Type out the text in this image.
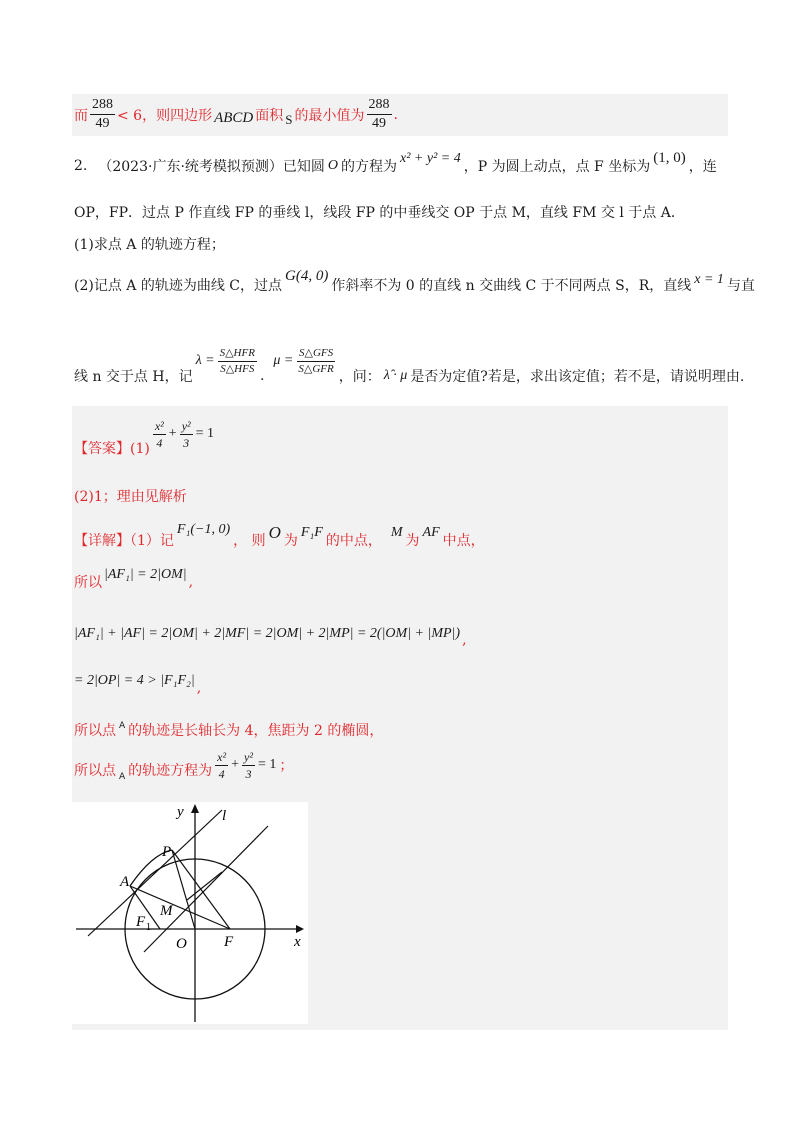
而 $\frac{288}{49} < 6$，则四边形 ABCD 面积 S 的最小值为 $\frac{288}{49}$ .
2. （2023·广东·统考模拟预测）已知圆 O 的方程为
x² + y² = 4
，P 为圆上动点，点 F 坐标为
(1, 0)
，连
OP，FP．过点 P 作直线 FP 的垂线 l，线段 FP 的中垂线交 OP 于点 M，直线 FM 交 l 于点 A．
(1)求点 A 的轨迹方程；
(2)记点 A 的轨迹为曲线 C，过点
G(4, 0)
作斜率不为 0 的直线 n 交曲线 C 于不同两点 S，R，直线 x = 1 与直
线 n 交于点 H，记
$\lambda = \frac{\text{S△HFR}}{\text{S△HFS}}$
.
$\mu = \frac{\text{S△GFS}}{\text{S△GFR}}$
，问： λ̂ · μ 是否为定值?若是，求出该定值；若不是，请说明理由.
【答案】(1)
$\frac{\text{x²}}{4} + \frac{\text{y²}}{3} = 1$
(2)1；理由见解析
【详解】（1）记
F₁(−1, 0)
， 则 O 为
F₁F
的中点，
M
为
AF
中点，
所以
|AF₁| = 2|OM| ,
|AF₁| + |AF| = 2|OM| + 2|MF| = 2|OM| + 2|MP| = 2(|OM| + |MP|) ,
= 2|OP| = 4 > |F₁F₂| ,
所以点 A 的轨迹是长轴长为 4，焦距为 2 的椭圆，
所以点 A 的轨迹方程为 $\frac{\text{x²}}{4} + \frac{\text{y²}}{3} = 1$ ；
y
x
l
P
A
M
F 1
O F
